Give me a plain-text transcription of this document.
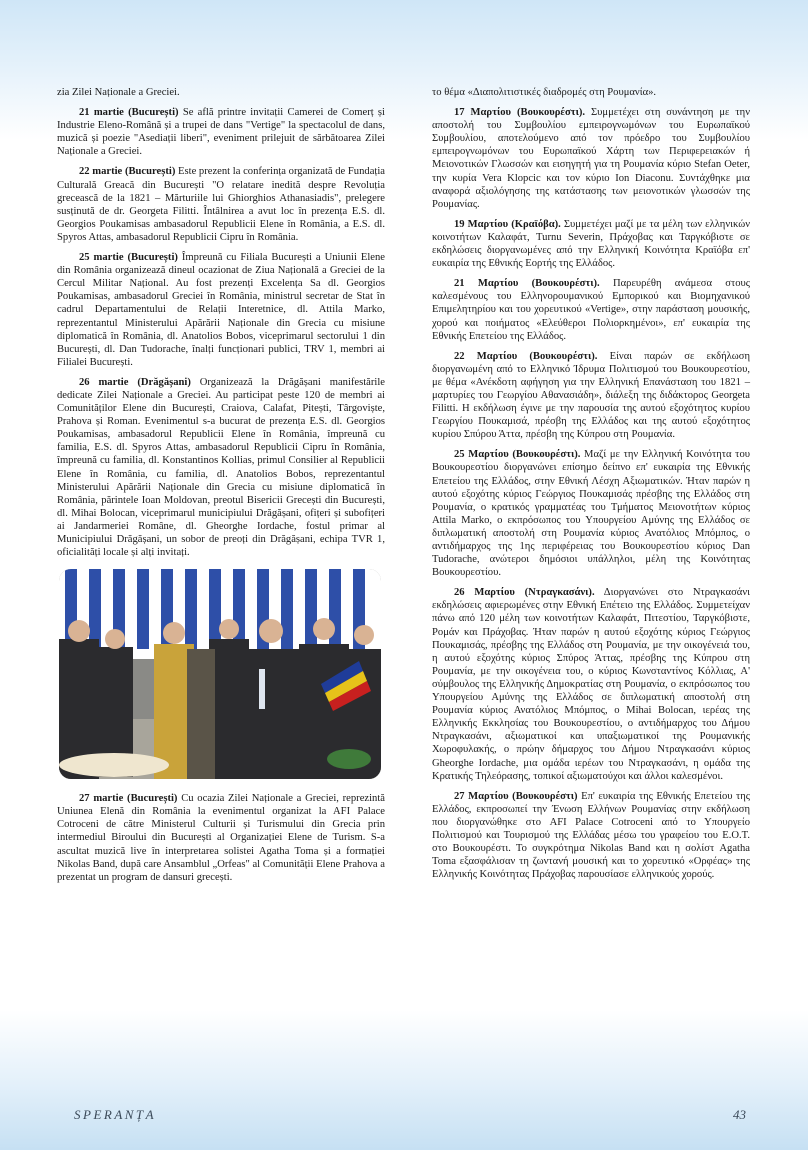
zia Zilei Naționale a Greciei.

21 martie (București) Se află printre invitații Camerei de Comerț și Industrie Eleno-Română și a trupei de dans "Vertige" la spectacolul de dans, muzică și poezie "Asediații liberi", eveniment prilejuit de sărbătoarea Zilei Naționale a Greciei.

22 martie (București) Este prezent la conferința organizată de Fundația Culturală Greacă din București "O relatare inedită despre Revoluția grecească de la 1821 – Mărturiile lui Ghiorghios Athanasiadis", prelegere susținută de dr. Georgeta Filitti. Întâlnirea a avut loc în prezența E.S. dl. Georgios Poukamisas ambasadorul Republicii Elene în România, a E.S. dl. Spyros Attas, ambasadorul Republicii Cipru în România.

25 martie (București) Împreună cu Filiala București a Uniunii Elene din România organizează dineul ocazionat de Ziua Națională a Greciei de la Cercul Militar Național. Au fost prezenți Excelența Sa dl. Georgios Poukamisas, ambasadorul Greciei în România, ministrul secretar de Stat în cadrul Departamentului de Relații Interetnice, dl. Attila Marko, reprezentantul Ministerului Apărării Naționale din Grecia cu misiune diplomatică în România, dl. Anatolios Bobos, viceprimarul sectorului 1 din București, dl. Dan Tudorache, înalți funcționari publici, TRV 1, membri ai Filialei București.

26 martie (Drăgășani) Organizează la Drăgășani manifestările dedicate Zilei Naționale a Greciei. Au participat peste 120 de membri ai Comunităților Elene din București, Craiova, Calafat, Pitești, Târgoviște, Prahova și Roman. Evenimentul s-a bucurat de prezența E.S. dl. Georgios Poukamisas, ambasadorul Republicii Elene în România, împreună cu familia, E.S. dl. Spyros Attas, ambasadorul Republicii Cipru în România, împreună cu familia, dl. Konstantinos Kollias, primul Consilier al Republicii Elene în România, cu familia, dl. Anatolios Bobos, reprezentantul Ministerului Apărării Naționale din Grecia cu misiune diplomatică în România, părintele Ioan Moldovan, preotul Bisericii Grecești din București, dl. Mihai Bolocan, viceprimarul municipiului Drăgășani, ofițeri și subofițeri ai Jandarmeriei Române, dl. Gheorghe Iordache, fostul primar al Municipiului Drăgășani, un sobor de preoți din Drăgășani, echipa TVR 1, oficialități locale și alți invitați.

27 martie (București) Cu ocazia Zilei Naționale a Greciei, reprezintă Uniunea Elenă din România la evenimentul organizat la AFI Palace Cotroceni de către Ministerul Culturii și Turismului din Grecia prin intermediul Biroului din București al Organizației Elene de Turism. S-a ascultat muzică live în interpretarea solistei Agatha Toma și a formației Nikolas Band, după care Ansamblul „Orfeas" al Comunității Elene Prahova a prezentat un program de dansuri grecești.

το θέμα «Διαπολιτιστικές διαδρομές στη Ρουμανία».

17 Μαρτίου (Βουκουρέστι). Συμμετέχει στη συνάντηση με την αποστολή του Συμβουλίου εμπειρογνωμόνων του Ευρωπαϊκού Συμβουλίου, αποτελούμενο από τον πρόεδρο του Συμβουλίου εμπειρογνωμόνων του Ευρωπαϊκού Χάρτη των Περιφερειακών ή Μειονοτικών Γλωσσών και εισηγητή για τη Ρουμανία κύριο Stefan Oeter, την κυρία Vera Klopcic και τον κύριο Ion Diaconu. Συντάχθηκε μια αναφορά αξιολόγησης της κατάστασης των μειονοτικών γλωσσών της Ρουμανίας.

19 Μαρτίου (Κραϊόβα). Συμμετέχει μαζί με τα μέλη των ελληνικών κοινοτήτων Καλαφάτ, Turnu Severin, Πράχοβας και Ταργκόβιστε σε εκδηλώσεις διοργανωμένες από την Ελληνική Κοινότητα Κραϊόβα επ' ευκαιρία της Εθνικής Εορτής της Ελλάδος.

21 Μαρτίου (Βουκουρέστι). Παρευρέθη ανάμεσα στους καλεσμένους του Ελληνορουμανικού Εμπορικού και Βιομηχανικού Επιμελητηρίου και του χορευτικού «Vertige», στην παράσταση μουσικής, χορού και ποιήματος «Ελεύθεροι Πολιορκημένοι», επ' ευκαιρία της Εθνικής Επετείου της Ελλάδος.

22 Μαρτίου (Βουκουρέστι). Είναι παρών σε εκδήλωση διοργανωμένη από το Ελληνικό Ίδρυμα Πολιτισμού του Βουκουρεστίου, με θέμα «Ανέκδοτη αφήγηση για την Ελληνική Επανάσταση του 1821 – μαρτυρίες του Γεωργίου Αθανασιάδη», διάλεξη της διδάκτορος Georgeta Filitti. Η εκδήλωση έγινε με την παρουσία της αυτού εξοχότητος κυρίου Γεωργίου Πουκαμισά, πρέσβη της Ελλάδος και της αυτού εξοχότητος κυρίου Σπύρου Άττα, πρέσβη της Κύπρου στη Ρουμανία.

25 Μαρτίου (Βουκουρέστι). Μαζί με την Ελληνική Κοινότητα του Βουκουρεστίου διοργανώνει επίσημο δείπνο επ' ευκαιρία της Εθνικής Επετείου της Ελλάδος, στην Εθνική Λέσχη Αξιωματικών. Ήταν παρών η αυτού εξοχότης κύριος Γεώργιος Πουκαμισάς πρέσβης της Ελλάδος στη Ρουμανία, ο κρατικός γραμματέας του Τμήματος Μειονοτήτων κύριος Attila Marko, ο εκπρόσωπος του Υπουργείου Αμύνης της Ελλάδος σε διπλωματική αποστολή στη Ρουμανία κύριος Ανατόλιος Μπόμπος, ο αντιδήμαρχος της 1ης περιφέρειας του Βουκουρεστίου κύριος Dan Tudorache, ανώτεροι δημόσιοι υπάλληλοι, μέλη της Κοινότητας Βουκουρεστίου.

26 Μαρτίου (Ντραγκασάνι). Διοργανώνει στο Ντραγκασάνι εκδηλώσεις αφιερωμένες στην Εθνική Επέτειο της Ελλάδος. Συμμετείχαν πάνω από 120 μέλη των κοινοτήτων Καλαφάτ, Πιτεστίου, Ταργκόβιστε, Ρομάν και Πράχοβας. Ήταν παρών η αυτού εξοχότης κύριος Γεώργιος Πουκαμισάς, πρέσβης της Ελλάδος στη Ρουμανία, με την οικογένειά του, η αυτού εξοχότης κύριος Σπύρος Άττας, πρέσβης της Κύπρου στη Ρουμανία, με την οικογένεια του, ο κύριος Κωνσταντίνος Κόλλιας, Α' σύμβουλος της Ελληνικής Δημοκρατίας στη Ρουμανία, ο εκπρόσωπος του Υπουργείου Αμύνης της Ελλάδος σε διπλωματική αποστολή στη Ρουμανία κύριος Ανατόλιος Μπόμπος, ο Mihai Bolocan, ιερέας της Ελληνικής Εκκλησίας του Βουκουρεστίου, ο αντιδήμαρχος του Δήμου Ντραγκασάνι, αξιωματικοί και υπαξιωματικοί της Ρουμανικής Χωροφυλακής, ο πρώην δήμαρχος του Δήμου Ντραγκασάνι κύριος Gheorghe Iordache, μια ομάδα ιερέων του Ντραγκασάνι, η ομάδα της Κρατικής Τηλεόρασης, τοπικοί αξιωματούχοι και άλλοι καλεσμένοι.

27 Μαρτίου (Βουκουρέστι) Επ' ευκαιρία της Εθνικής Επετείου της Ελλάδος, εκπροσωπεί την Ένωση Ελλήνων Ρουμανίας στην εκδήλωση που διοργανώθηκε στο AFI Palace Cotroceni από το Υπουργείο Πολιτισμού και Τουρισμού της Ελλάδας μέσω του γραφείου του Ε.Ο.Τ. στο Βουκουρέστι. Το συγκρότημα Nikolas Band και η σολίστ Agatha Toma εξασφάλισαν τη ζωντανή μουσική και το χορευτικό «Ορφέας» της Ελληνικής Κοινότητας Πράχοβας παρουσίασε ελληνικούς χορούς.

SPERANȚA	43
